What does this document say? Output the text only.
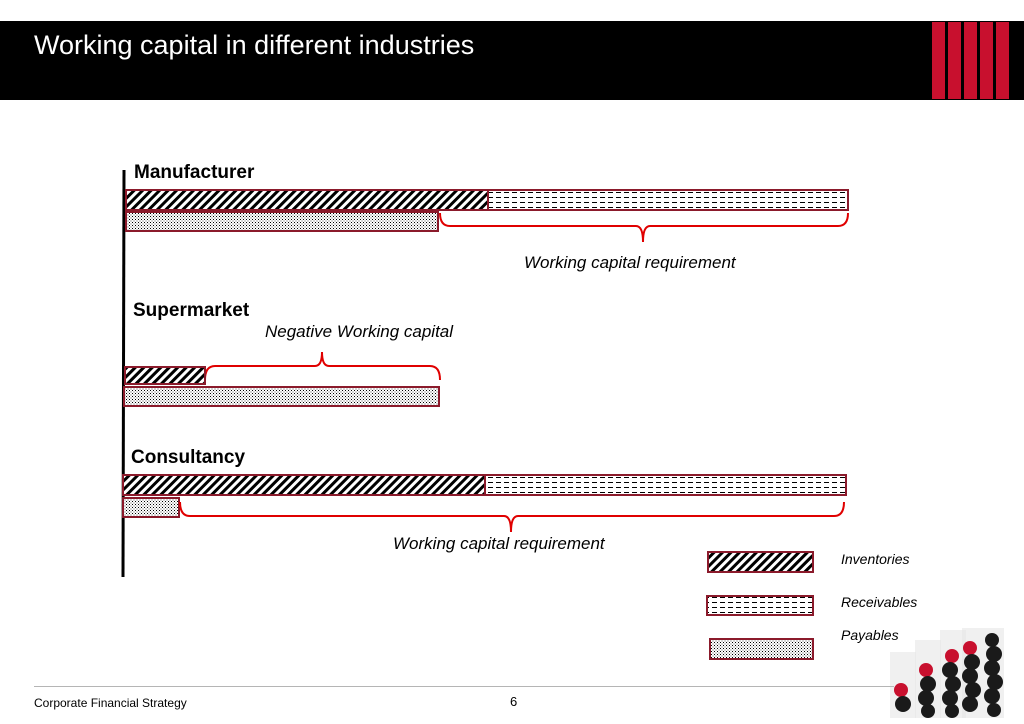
Working capital in different industries
Manufacturer
Working capital requirement
Supermarket
Negative Working capital
Consultancy
Working capital requirement
Inventories
Receivables
Payables
Corporate Financial Strategy	6
